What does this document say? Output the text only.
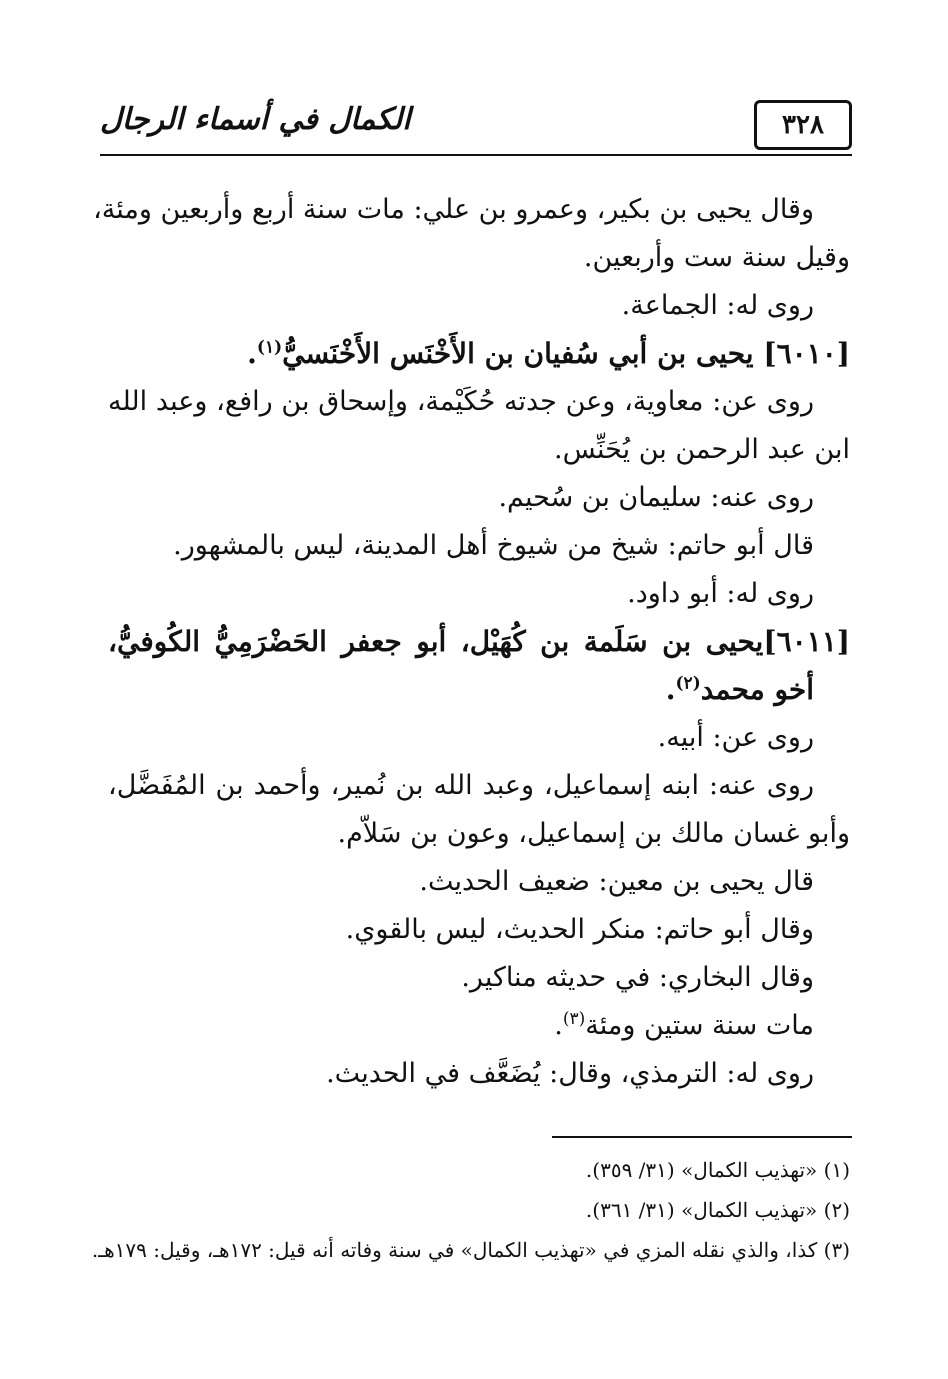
٣٢٨
الكمال في أسماء الرجال
وقال يحيى بن بكير، وعمرو بن علي: مات سنة أربع وأربعين ومئة،
وقيل سنة ست وأربعين.
روى له: الجماعة.
[٦٠١٠] يحيى بن أبي سُفيان بن الأَخْنَس الأَخْنَسيُّ$^{(١)}$.
روى عن: معاوية، وعن جدته حُكَيْمة، وإسحاق بن رافع، وعبد الله
ابن عبد الرحمن بن يُحَنِّس.
روى عنه: سليمان بن سُحيم.
قال أبو حاتم: شيخ من شيوخ أهل المدينة، ليس بالمشهور.
روى له: أبو داود.
[٦٠١١]يحيى بن سَلَمة بن كُهَيْل، أبو جعفر الحَضْرَمِيُّ الكُوفيُّ،
أخو محمد$^{(٢)}$.
روى عن: أبيه.
روى عنه: ابنه إسماعيل، وعبد الله بن نُمير، وأحمد بن المُفَضَّل،
وأبو غسان مالك بن إسماعيل، وعون بن سَلاّم.
قال يحيى بن معين: ضعيف الحديث.
وقال أبو حاتم: منكر الحديث، ليس بالقوي.
وقال البخاري: في حديثه مناكير.
مات سنة ستين ومئة$^{(٣)}$.
روى له: الترمذي، وقال: يُضَعَّف في الحديث.
(١) «تهذيب الكمال» (٣١/ ٣٥٩).
(٢) «تهذيب الكمال» (٣١/ ٣٦١).
(٣) كذا، والذي نقله المزي في «تهذيب الكمال» في سنة وفاته أنه قيل: ١٧٢هـ، وقيل: ١٧٩هـ.
